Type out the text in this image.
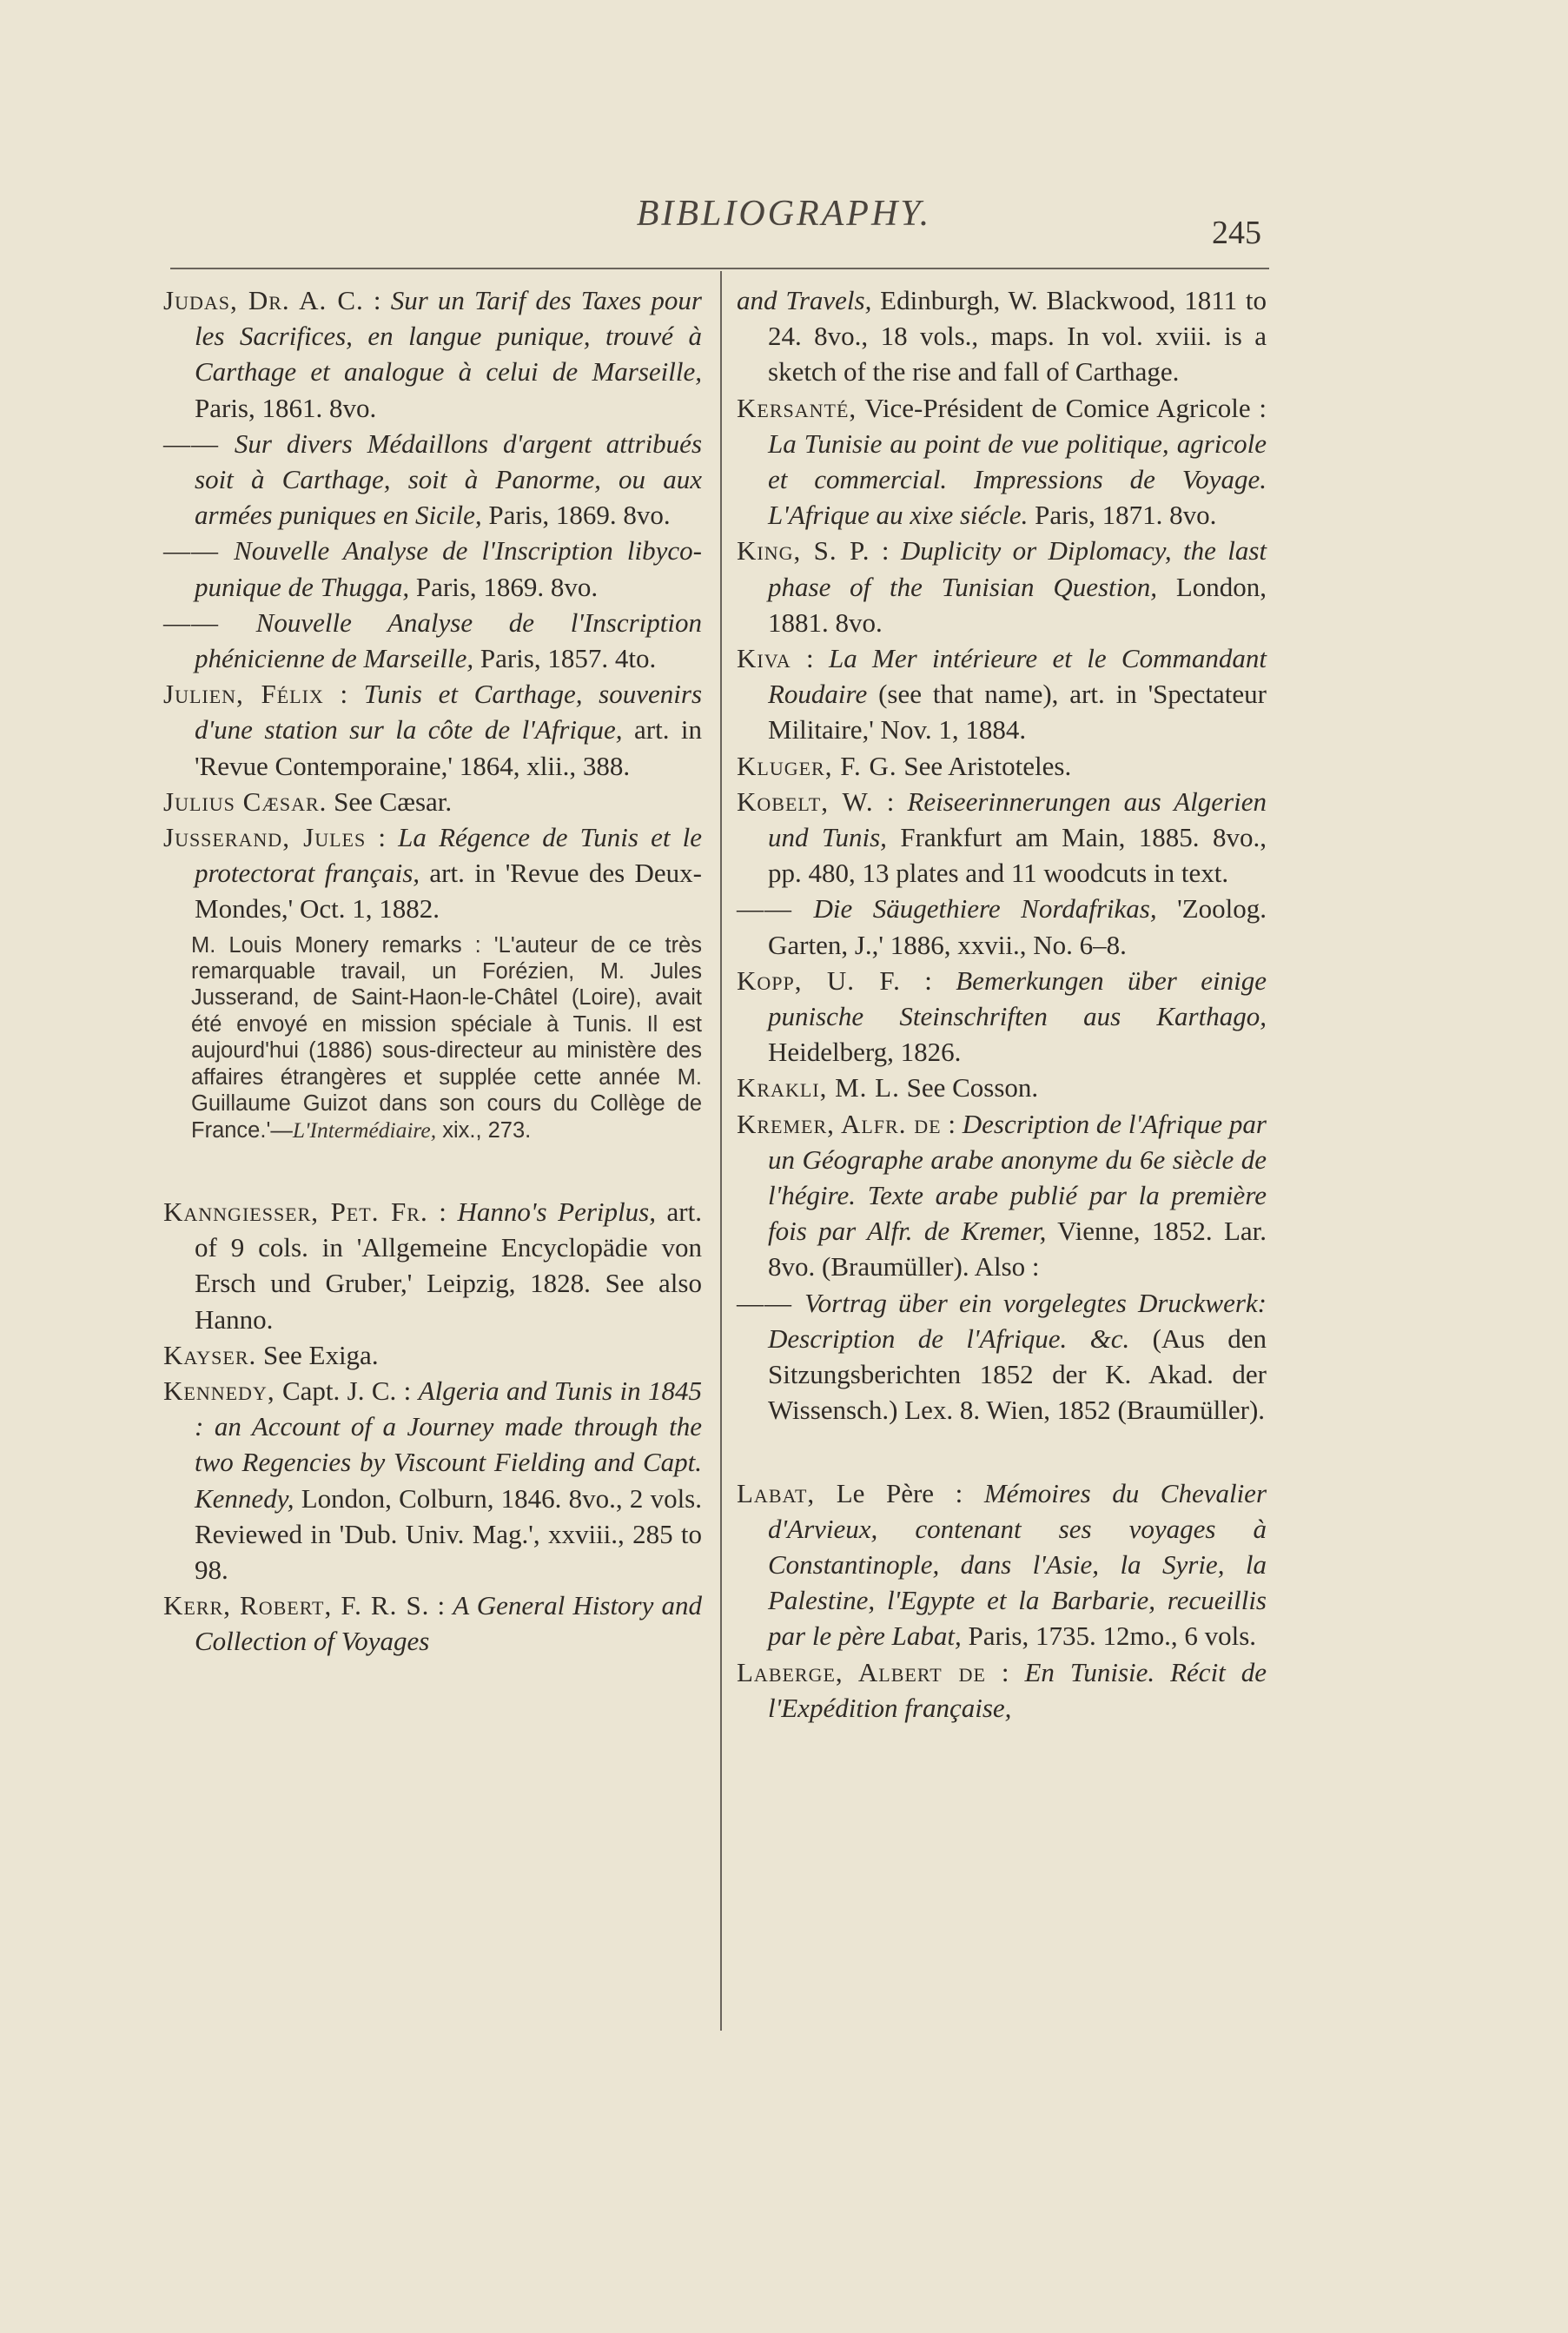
BIBLIOGRAPHY.	245
Judas, Dr. A. C. : Sur un Tarif des Taxes pour les Sacrifices, en langue punique, trouvé à Carthage et analogue à celui de Marseille, Paris, 1861. 8vo.
—— Sur divers Médaillons d'argent attribués soit à Carthage, soit à Panorme, ou aux armées puniques en Sicile, Paris, 1869. 8vo.
—— Nouvelle Analyse de l'Inscription libyco-punique de Thugga, Paris, 1869. 8vo.
—— Nouvelle Analyse de l'Inscription phénicienne de Marseille, Paris, 1857. 4to.
Julien, Félix : Tunis et Carthage, souvenirs d'une station sur la côte de l'Afrique, art. in 'Revue Contemporaine,' 1864, xlii., 388.
Julius Cæsar. See Cæsar.
Jusserand, Jules : La Régence de Tunis et le protectorat français, art. in 'Revue des Deux-Mondes,' Oct. 1, 1882.
M. Louis Monery remarks : 'L'auteur de ce très remarquable travail, un Forézien, M. Jules Jusserand, de Saint-Haon-le-Châtel (Loire), avait été envoyé en mission spéciale à Tunis. Il est aujourd'hui (1886) sous-directeur au ministère des affaires étrangères et supplée cette année M. Guillaume Guizot dans son cours du Collège de France.'—L'Intermédiaire, xix., 273.
Kanngiesser, Pet. Fr. : Hanno's Periplus, art. of 9 cols. in 'Allgemeine Encyclopädie von Ersch und Gruber,' Leipzig, 1828. See also Hanno.
Kayser. See Exiga.
Kennedy, Capt. J. C. : Algeria and Tunis in 1845 : an Account of a Journey made through the two Regencies by Viscount Fielding and Capt. Kennedy, London, Colburn, 1846. 8vo., 2 vols. Reviewed in 'Dub. Univ. Mag.', xxviii., 285 to 98.
Kerr, Robert, F. R. S. : A General History and Collection of Voyages
and Travels, Edinburgh, W. Blackwood, 1811 to 24. 8vo., 18 vols., maps. In vol. xviii. is a sketch of the rise and fall of Carthage.
Kersanté, Vice-Président de Comice Agricole : La Tunisie au point de vue politique, agricole et commercial. Impressions de Voyage. L'Afrique au xixe siécle. Paris, 1871. 8vo.
King, S. P. : Duplicity or Diplomacy, the last phase of the Tunisian Question, London, 1881. 8vo.
Kiva : La Mer intérieure et le Commandant Roudaire (see that name), art. in 'Spectateur Militaire,' Nov. 1, 1884.
Kluger, F. G. See Aristoteles.
Kobelt, W. : Reiseerinnerungen aus Algerien und Tunis, Frankfurt am Main, 1885. 8vo., pp. 480, 13 plates and 11 woodcuts in text.
—— Die Säugethiere Nordafrikas, 'Zoolog. Garten, J.,' 1886, xxvii., No. 6–8.
Kopp, U. F. : Bemerkungen über einige punische Steinschriften aus Karthago, Heidelberg, 1826.
Krakli, M. L. See Cosson.
Kremer, Alfr. de : Description de l'Afrique par un Géographe arabe anonyme du 6e siècle de l'hégire. Texte arabe publié par la première fois par Alfr. de Kremer, Vienne, 1852. Lar. 8vo. (Braumüller). Also :
—— Vortrag über ein vorgelegtes Druckwerk: Description de l'Afrique. &c. (Aus den Sitzungsberichten 1852 der K. Akad. der Wissensch.) Lex. 8. Wien, 1852 (Braumüller).
Labat, Le Père : Mémoires du Chevalier d'Arvieux, contenant ses voyages à Constantinople, dans l'Asie, la Syrie, la Palestine, l'Egypte et la Barbarie, recueillis par le père Labat, Paris, 1735. 12mo., 6 vols.
Laberge, Albert de : En Tunisie. Récit de l'Expédition française,
